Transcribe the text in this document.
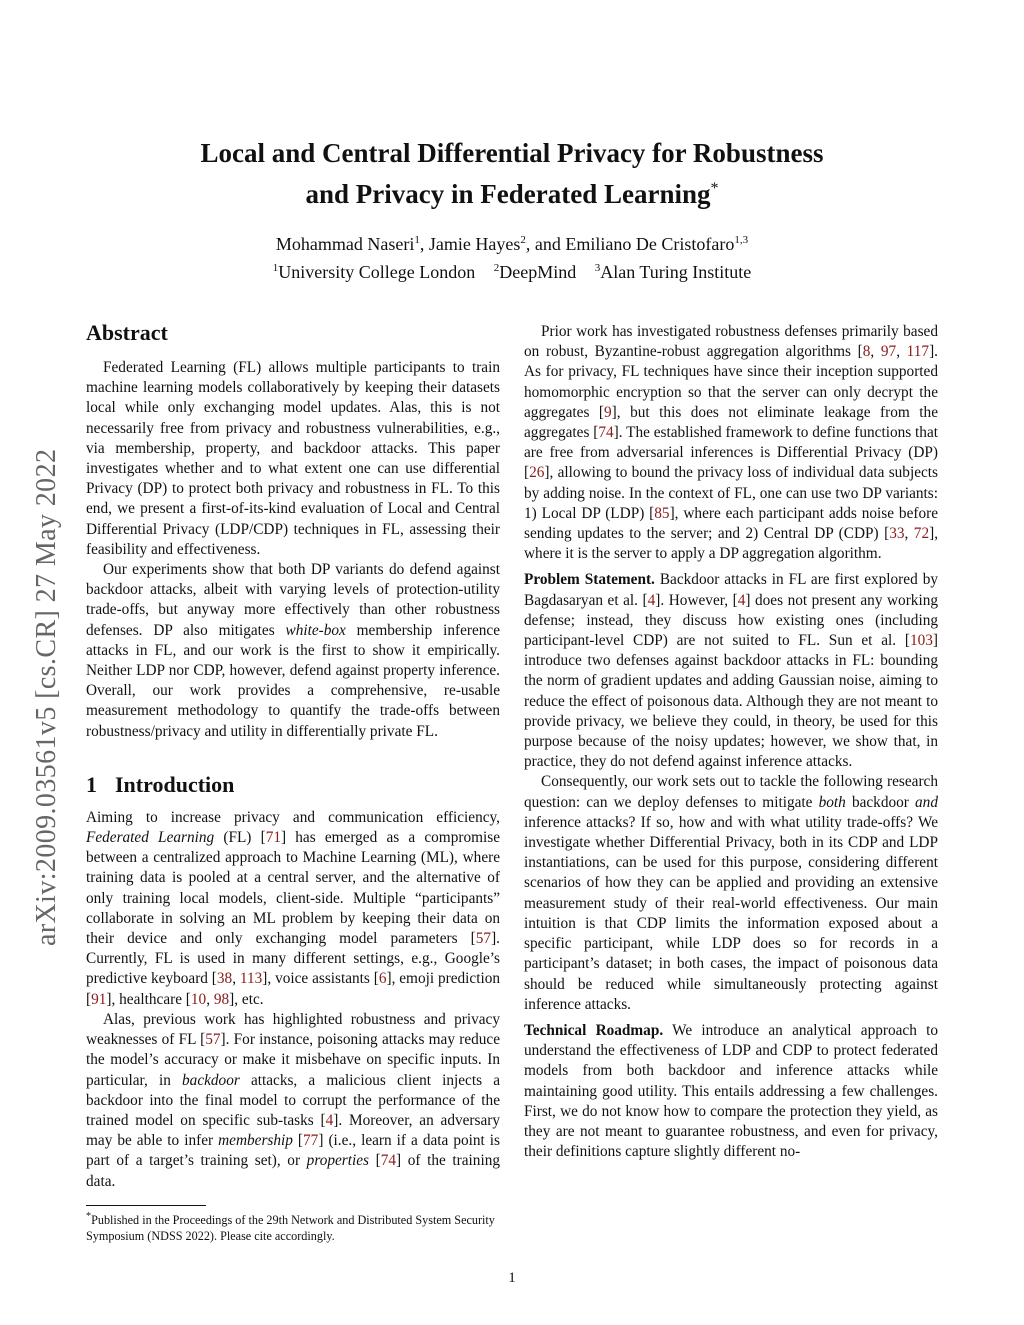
Local and Central Differential Privacy for Robustness
and Privacy in Federated Learning*
Mohammad Naseri$^1$, Jamie Hayes$^2$, and Emiliano De Cristofaro$^{1,3}$
$^1$University College London $^2$DeepMind $^3$Alan Turing Institute
arXiv:2009.03561v5 [cs.CR] 27 May 2022
Abstract

Federated Learning (FL) allows multiple participants to train machine learning models collaboratively by keeping their datasets local while only exchanging model updates. Alas, this is not necessarily free from privacy and robustness vulnerabilities, e.g., via membership, property, and backdoor attacks. This paper investigates whether and to what extent one can use differential Privacy (DP) to protect both privacy and robustness in FL. To this end, we present a first-of-its-kind evaluation of Local and Central Differential Privacy (LDP/CDP) techniques in FL, assessing their feasibility and effectiveness.

Our experiments show that both DP variants do defend against backdoor attacks, albeit with varying levels of protection-utility trade-offs, but anyway more effectively than other robustness defenses. DP also mitigates white-box membership inference attacks in FL, and our work is the first to show it empirically. Neither LDP nor CDP, however, defend against property inference. Overall, our work provides a comprehensive, re-usable measurement methodology to quantify the trade-offs between robustness/privacy and utility in differentially private FL.

1 Introduction

Aiming to increase privacy and communication efficiency, Federated Learning (FL) [71] has emerged as a compromise between a centralized approach to Machine Learning (ML), where training data is pooled at a central server, and the alternative of only training local models, client-side. Multiple “participants” collaborate in solving an ML problem by keeping their data on their device and only exchanging model parameters [57]. Currently, FL is used in many different settings, e.g., Google’s predictive keyboard [38, 113], voice assistants [6], emoji prediction [91], healthcare [10, 98], etc.

Alas, previous work has highlighted robustness and privacy weaknesses of FL [57]. For instance, poisoning attacks may reduce the model’s accuracy or make it misbehave on specific inputs. In particular, in backdoor attacks, a malicious client injects a backdoor into the final model to corrupt the performance of the trained model on specific sub-tasks [4]. Moreover, an adversary may be able to infer membership [77] (i.e., learn if a data point is part of a target’s training set), or properties [74] of the training data.

*Published in the Proceedings of the 29th Network and Distributed System Security Symposium (NDSS 2022). Please cite accordingly.

Prior work has investigated robustness defenses primarily based on robust, Byzantine-robust aggregation algorithms [8, 97, 117]. As for privacy, FL techniques have since their inception supported homomorphic encryption so that the server can only decrypt the aggregates [9], but this does not eliminate leakage from the aggregates [74]. The established framework to define functions that are free from adversarial inferences is Differential Privacy (DP) [26], allowing to bound the privacy loss of individual data subjects by adding noise. In the context of FL, one can use two DP variants: 1) Local DP (LDP) [85], where each participant adds noise before sending updates to the server; and 2) Central DP (CDP) [33, 72], where it is the server to apply a DP aggregation algorithm.

Problem Statement. Backdoor attacks in FL are first explored by Bagdasaryan et al. [4]. However, [4] does not present any working defense; instead, they discuss how existing ones (including participant-level CDP) are not suited to FL. Sun et al. [103] introduce two defenses against backdoor attacks in FL: bounding the norm of gradient updates and adding Gaussian noise, aiming to reduce the effect of poisonous data. Although they are not meant to provide privacy, we believe they could, in theory, be used for this purpose because of the noisy updates; however, we show that, in practice, they do not defend against inference attacks.

Consequently, our work sets out to tackle the following research question: can we deploy defenses to mitigate both backdoor and inference attacks? If so, how and with what utility trade-offs? We investigate whether Differential Privacy, both in its CDP and LDP instantiations, can be used for this purpose, considering different scenarios of how they can be applied and providing an extensive measurement study of their real-world effectiveness. Our main intuition is that CDP limits the information exposed about a specific participant, while LDP does so for records in a participant’s dataset; in both cases, the impact of poisonous data should be reduced while simultaneously protecting against inference attacks.

Technical Roadmap. We introduce an analytical approach to understand the effectiveness of LDP and CDP to protect federated models from both backdoor and inference attacks while maintaining good utility. This entails addressing a few challenges. First, we do not know how to compare the protection they yield, as they are not meant to guarantee robustness, and even for privacy, their definitions capture slightly different no-

1
